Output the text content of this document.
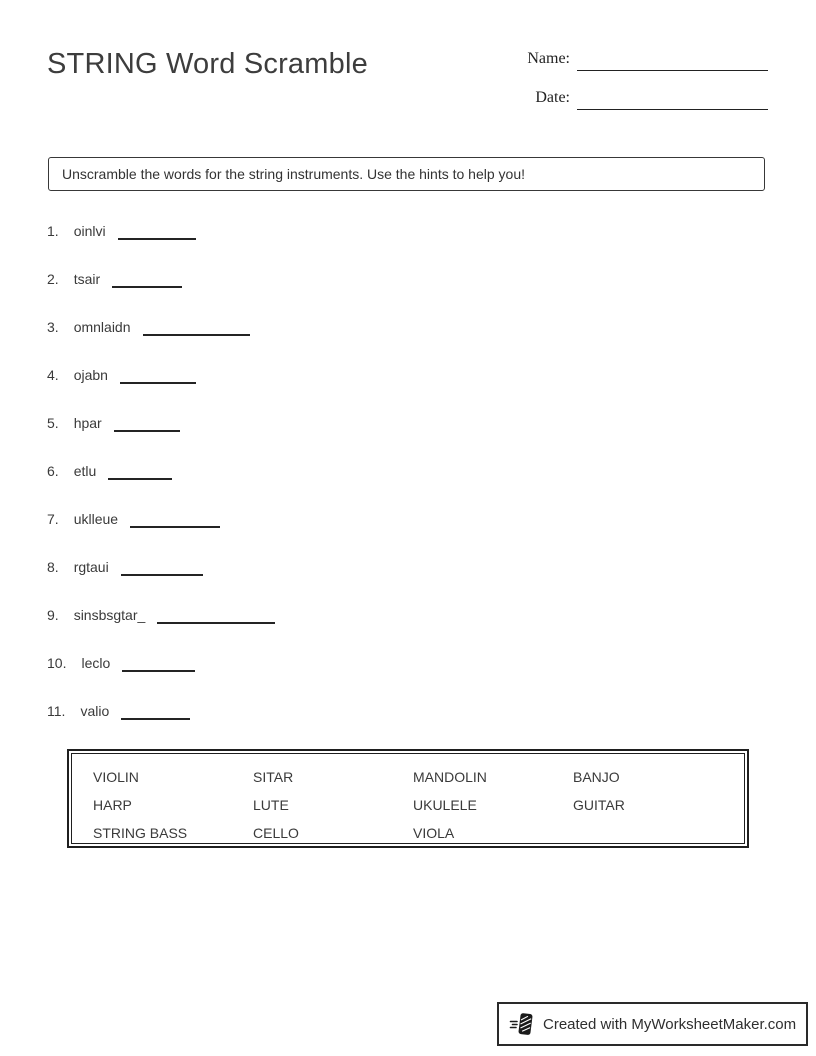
STRING Word Scramble	Name:
Date:
Unscramble the words for the string instruments. Use the hints to help you!
1. oinlvi
2. tsair
3. omnlaidn
4. ojabn
5. hpar
6. etlu
7. uklleue
8. rgtaui
9. sinsbsgtar_
10. leclo
11. valio
VIOLIN	SITAR	MANDOLIN	BANJO
HARP	LUTE	UKULELE	GUITAR
STRING BASS	CELLO	VIOLA
Created with MyWorksheetMaker.com
